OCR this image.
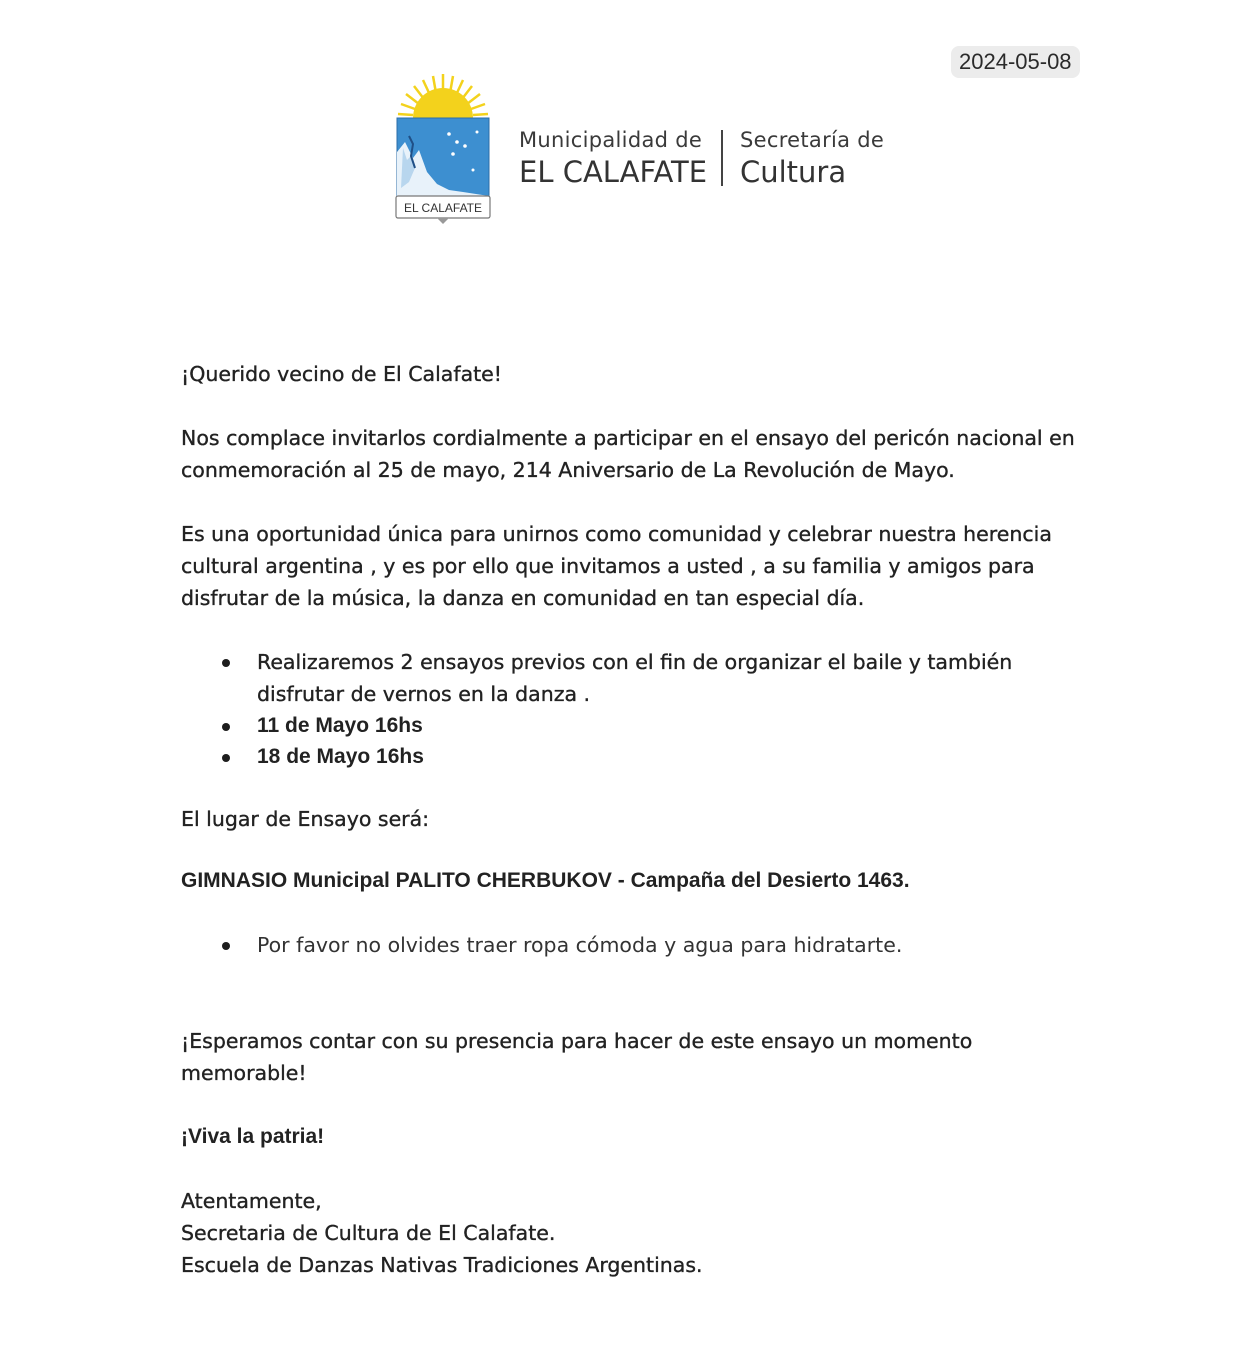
2024-05-08
EL CALAFATE
Municipalidad de
EL CALAFATE
Secretaría de
Cultura

¡Querido vecino de El Calafate!

Nos complace invitarlos cordialmente a participar en el ensayo del pericón nacional en conmemoración al 25 de mayo, 214 Aniversario de La Revolución de Mayo.

Es una oportunidad única para unirnos como comunidad y celebrar nuestra herencia cultural argentina , y es por ello que invitamos a usted , a su familia y amigos para disfrutar de la música, la danza en comunidad en tan especial día.

Realizaremos 2 ensayos previos con el fin de organizar el baile y también disfrutar de vernos en la danza .
11 de Mayo 16hs
18 de Mayo 16hs

El lugar de Ensayo será:

GIMNASIO Municipal PALITO CHERBUKOV - Campaña del Desierto 1463.

Por favor no olvides traer ropa cómoda y agua para hidratarte.

¡Esperamos contar con su presencia para hacer de este ensayo un momento memorable!

¡Viva la patria!

Atentamente,

Secretaria de Cultura de El Calafate.

Escuela de Danzas Nativas Tradiciones Argentinas.
